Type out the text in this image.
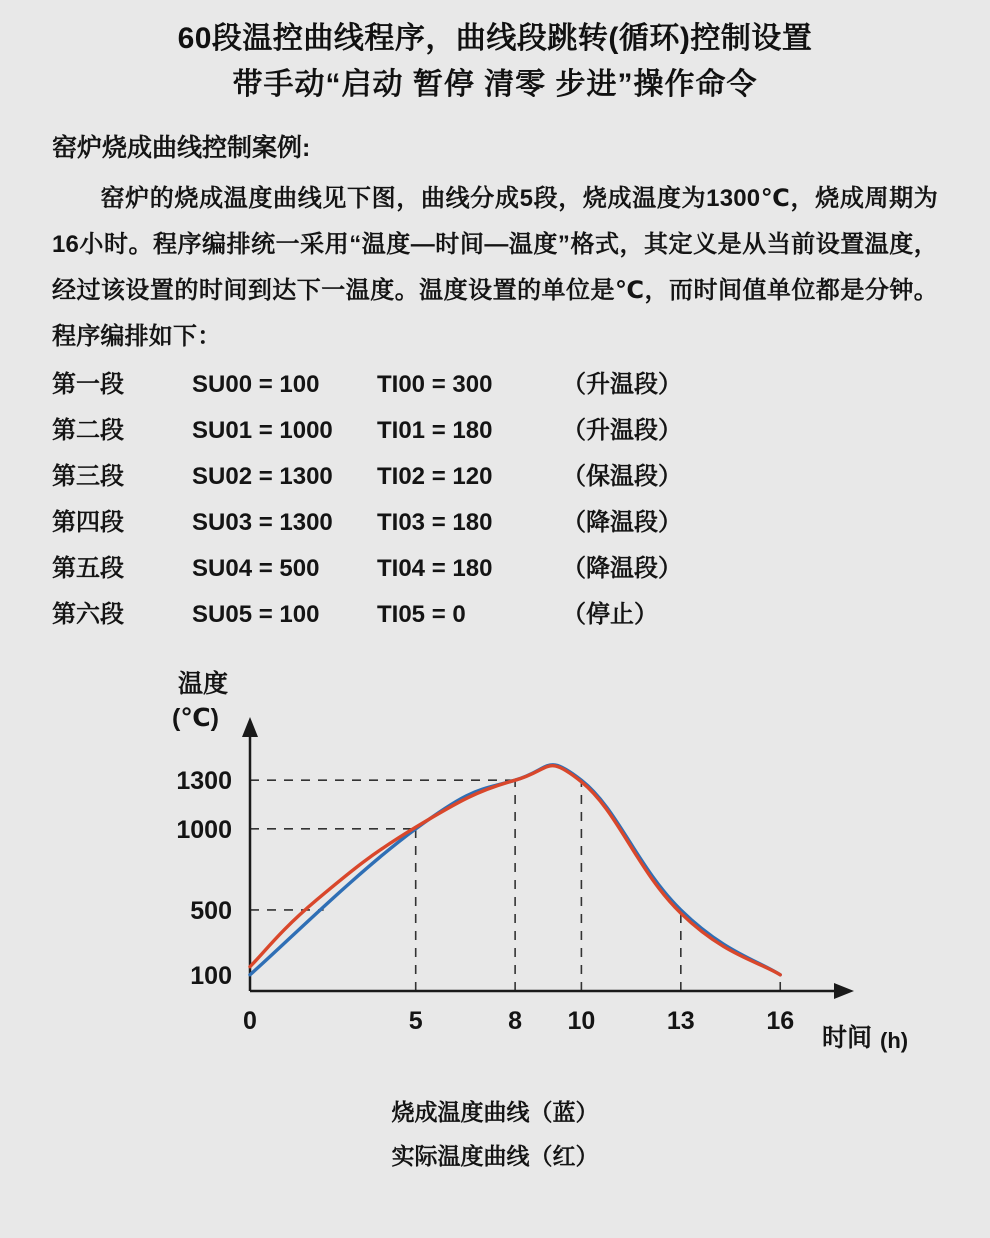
60段温控曲线程序，曲线段跳转(循环)控制设置
带手动“启动 暂停 清零 步进”操作命令
窑炉烧成曲线控制案例:
窑炉的烧成温度曲线见下图，曲线分成5段，烧成温度为1300℃，烧成周期为16小时。程序编排统一采用“温度—时间—温度”格式，其定义是从当前设置温度，经过该设置的时间到达下一温度。温度设置的单位是℃，而时间值单位都是分钟。程序编排如下：
第一段	SU00 = 100 TI00 = 300	（升温段）
第二段	SU01 = 1000 TI01 = 180	（升温段）
第三段	SU02 = 1300 TI02 = 120	（保温段）
第四段	SU03 = 1300 TI03 = 180	（降温段）
第五段	SU04 = 500 TI04 = 180	（降温段）
第六段	SU05 = 100 TI05 = 0	（停止）
100
500
1000
1300
0	5	8 10	13	16
温度
(℃)
时间 (h)
烧成温度曲线（蓝）
实际温度曲线（红）
